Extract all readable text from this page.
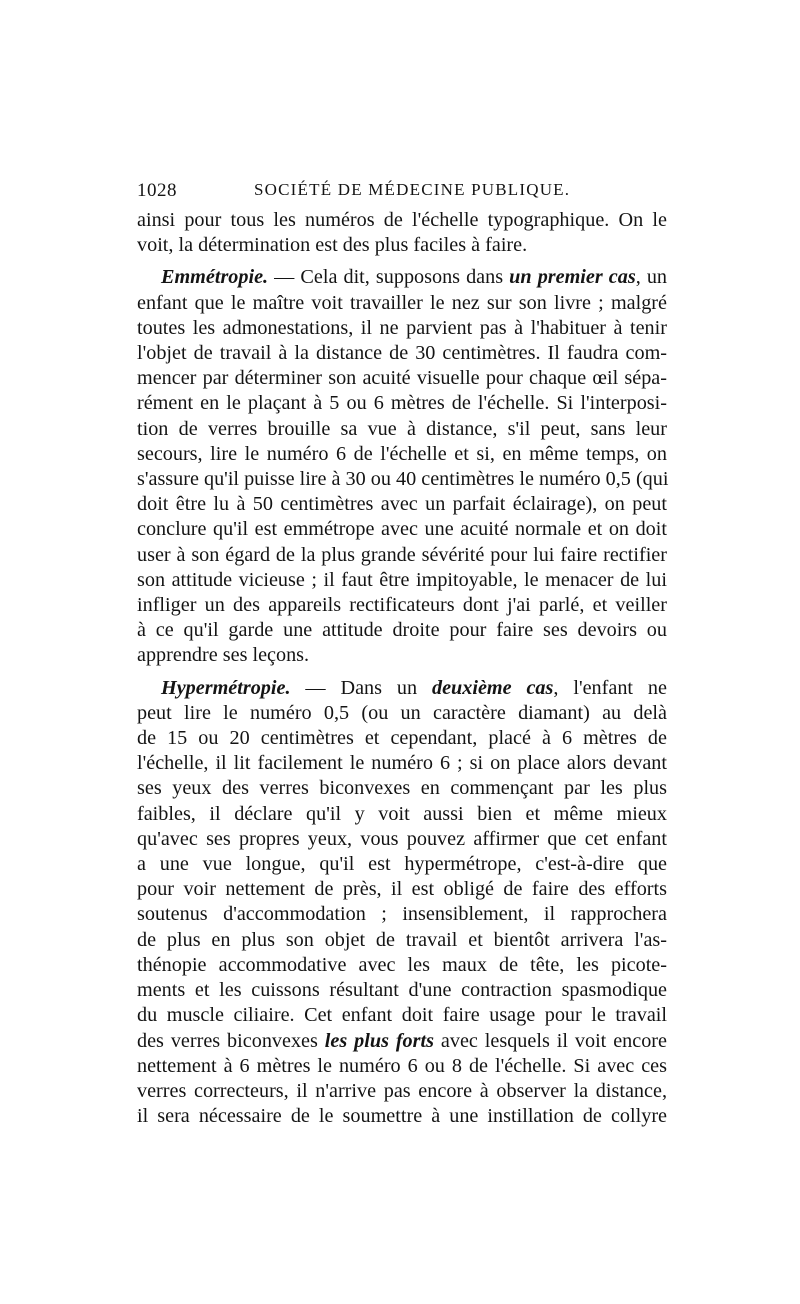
1028	SOCIÉTÉ DE MÉDECINE PUBLIQUE.

ainsi pour tous les numéros de l'échelle typographique. On le
voit, la détermination est des plus faciles à faire.

Emmétropie. — Cela dit, supposons dans un premier cas, un
enfant que le maître voit travailler le nez sur son livre ; malgré
toutes les admonestations, il ne parvient pas à l'habituer à tenir
l'objet de travail à la distance de 30 centimètres. Il faudra com-
mencer par déterminer son acuité visuelle pour chaque œil sépa-
rément en le plaçant à 5 ou 6 mètres de l'échelle. Si l'interposi-
tion de verres brouille sa vue à distance, s'il peut, sans leur
secours, lire le numéro 6 de l'échelle et si, en même temps, on
s'assure qu'il puisse lire à 30 ou 40 centimètres le numéro 0,5 (qui
doit être lu à 50 centimètres avec un parfait éclairage), on peut
conclure qu'il est emmétrope avec une acuité normale et on doit
user à son égard de la plus grande sévérité pour lui faire rectifier
son attitude vicieuse ; il faut être impitoyable, le menacer de lui
infliger un des appareils rectificateurs dont j'ai parlé, et veiller
à ce qu'il garde une attitude droite pour faire ses devoirs ou
apprendre ses leçons.

Hypermétropie. — Dans un deuxième cas, l'enfant ne
peut lire le numéro 0,5 (ou un caractère diamant) au delà
de 15 ou 20 centimètres et cependant, placé à 6 mètres de
l'échelle, il lit facilement le numéro 6 ; si on place alors devant
ses yeux des verres biconvexes en commençant par les plus
faibles, il déclare qu'il y voit aussi bien et même mieux
qu'avec ses propres yeux, vous pouvez affirmer que cet enfant
a une vue longue, qu'il est hypermétrope, c'est-à-dire que
pour voir nettement de près, il est obligé de faire des efforts
soutenus d'accommodation ; insensiblement, il rapprochera
de plus en plus son objet de travail et bientôt arrivera l'as-
thénopie accommodative avec les maux de tête, les picote-
ments et les cuissons résultant d'une contraction spasmodique
du muscle ciliaire. Cet enfant doit faire usage pour le travail
des verres biconvexes les plus forts avec lesquels il voit encore
nettement à 6 mètres le numéro 6 ou 8 de l'échelle. Si avec ces
verres correcteurs, il n'arrive pas encore à observer la distance,
il sera nécessaire de le soumettre à une instillation de collyre
